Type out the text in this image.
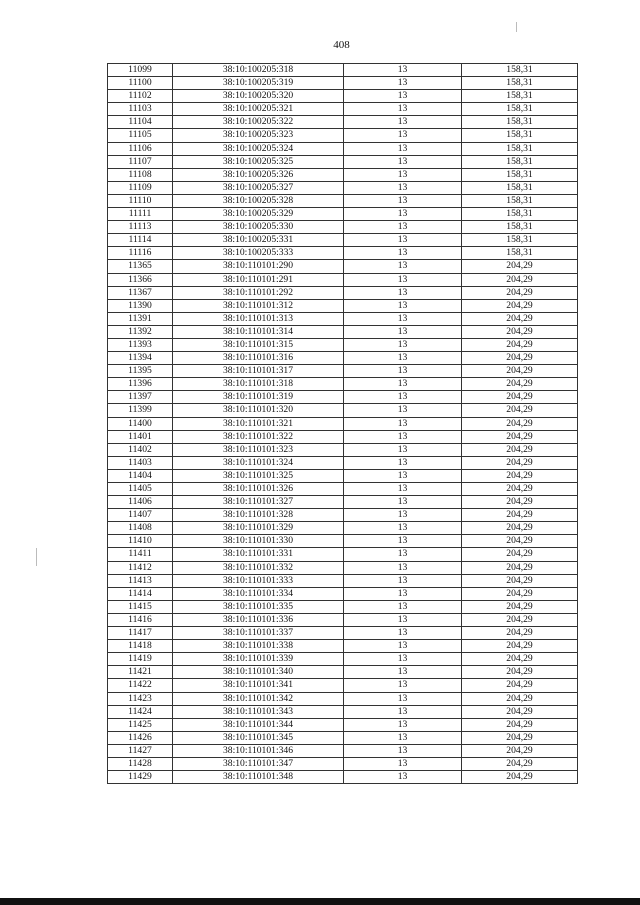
408
11099	38:10:100205:318	13	158,31
11100	38:10:100205:319	13	158,31
11102	38:10:100205:320	13	158,31
11103	38:10:100205:321	13	158,31
11104	38:10:100205:322	13	158,31
11105	38:10:100205:323	13	158,31
11106	38:10:100205:324	13	158,31
11107	38:10:100205:325	13	158,31
11108	38:10:100205:326	13	158,31
11109	38:10:100205:327	13	158,31
11110	38:10:100205:328	13	158,31
11111	38:10:100205:329	13	158,31
11113	38:10:100205:330	13	158,31
11114	38:10:100205:331	13	158,31
11116	38:10:100205:333	13	158,31
11365	38:10:110101:290	13	204,29
11366	38:10:110101:291	13	204,29
11367	38:10:110101:292	13	204,29
11390	38:10:110101:312	13	204,29
11391	38:10:110101:313	13	204,29
11392	38:10:110101:314	13	204,29
11393	38:10:110101:315	13	204,29
11394	38:10:110101:316	13	204,29
11395	38:10:110101:317	13	204,29
11396	38:10:110101:318	13	204,29
11397	38:10:110101:319	13	204,29
11399	38:10:110101:320	13	204,29
11400	38:10:110101:321	13	204,29
11401	38:10:110101:322	13	204,29
11402	38:10:110101:323	13	204,29
11403	38:10:110101:324	13	204,29
11404	38:10:110101:325	13	204,29
11405	38:10:110101:326	13	204,29
11406	38:10:110101:327	13	204,29
11407	38:10:110101:328	13	204,29
11408	38:10:110101:329	13	204,29
11410	38:10:110101:330	13	204,29
11411	38:10:110101:331	13	204,29
11412	38:10:110101:332	13	204,29
11413	38:10:110101:333	13	204,29
11414	38:10:110101:334	13	204,29
11415	38:10:110101:335	13	204,29
11416	38:10:110101:336	13	204,29
11417	38:10:110101:337	13	204,29
11418	38:10:110101:338	13	204,29
11419	38:10:110101:339	13	204,29
11421	38:10:110101:340	13	204,29
11422	38:10:110101:341	13	204,29
11423	38:10:110101:342	13	204,29
11424	38:10:110101:343	13	204,29
11425	38:10:110101:344	13	204,29
11426	38:10:110101:345	13	204,29
11427	38:10:110101:346	13	204,29
11428	38:10:110101:347	13	204,29
11429	38:10:110101:348	13	204,29
